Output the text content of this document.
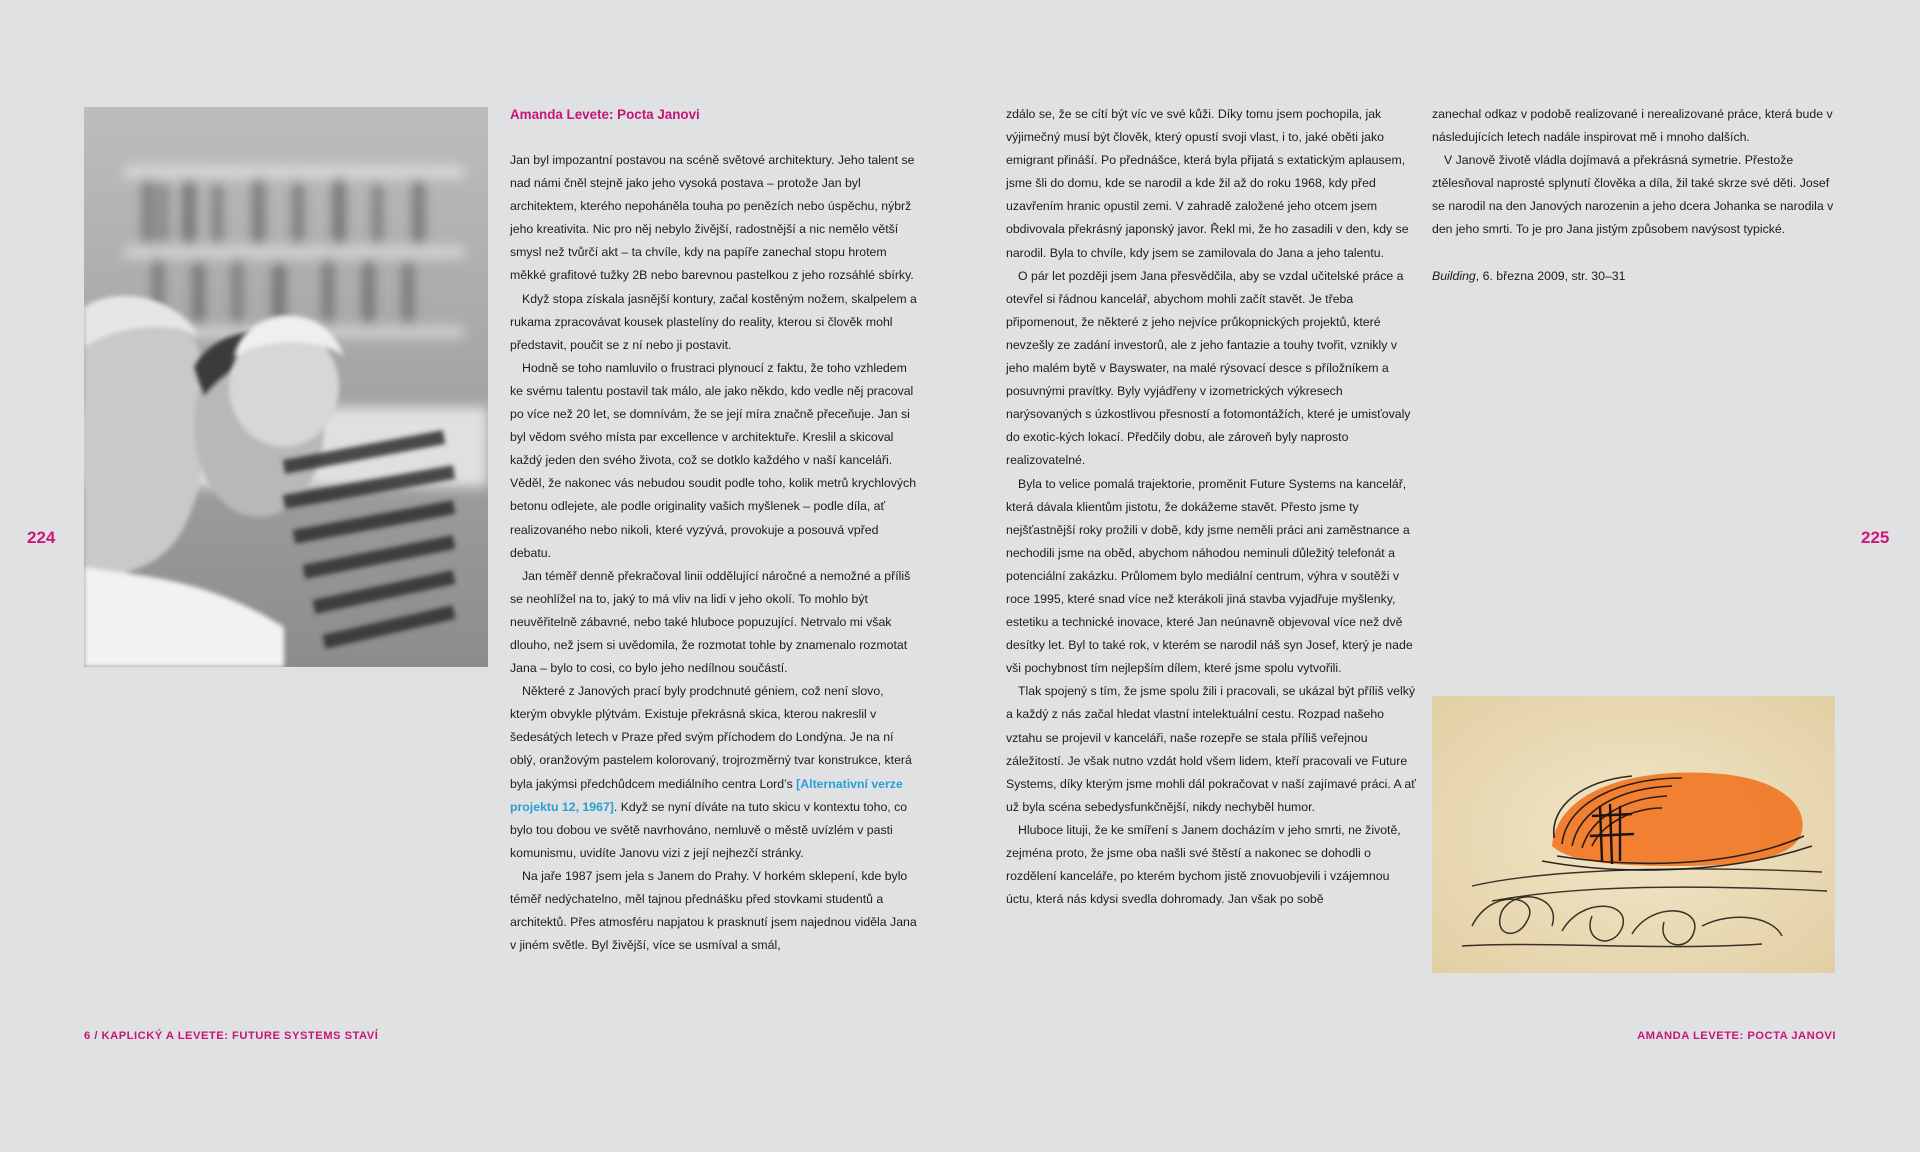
224	225
Amanda Levete: Pocta Janovi

Jan byl impozantní postavou na scéně světové architektury. Jeho talent se nad námi čněl stejně jako jeho vysoká postava – protože Jan byl architektem, kterého nepoháněla touha po penězích nebo úspěchu, nýbrž jeho kreativita. Nic pro něj nebylo živější, radostnější a nic nemělo větší smysl než tvůrčí akt – ta chvíle, kdy na papíře zanechal stopu hrotem měkké grafitové tužky 2B nebo barevnou pastelkou z jeho rozsáhlé sbírky.

Když stopa získala jasnější kontury, začal kostěným nožem, skalpelem a rukama zpracovávat kousek plastelíny do reality, kterou si člověk mohl představit, poučit se z ní nebo ji postavit.

Hodně se toho namluvilo o frustraci plynoucí z faktu, že toho vzhledem ke svému talentu postavil tak málo, ale jako někdo, kdo vedle něj pracoval po více než 20 let, se domnívám, že se její míra značně přeceňuje. Jan si byl vědom svého místa par excellence v architektuře. Kreslil a skicoval každý jeden den svého života, což se dotklo každého v naší kanceláři. Věděl, že nakonec vás nebudou soudit podle toho, kolik metrů krychlových betonu odlejete, ale podle originality vašich myšlenek – podle díla, ať realizovaného nebo nikoli, které vyzývá, provokuje a posouvá vpřed debatu.

Jan téměř denně překračoval linii oddělující náročné a nemožné a příliš se neohlížel na to, jaký to má vliv na lidi v jeho okolí. To mohlo být neuvěřitelně zábavné, nebo také hluboce popuzující. Netrvalo mi však dlouho, než jsem si uvědomila, že rozmotat tohle by znamenalo rozmotat Jana – bylo to cosi, co bylo jeho nedílnou součástí.

Některé z Janových prací byly prodchnuté géniem, což není slovo, kterým obvykle plýtvám. Existuje překrásná skica, kterou nakreslil v šedesátých letech v Praze před svým příchodem do Londýna. Je na ní oblý, oranžovým pastelem kolorovaný, trojrozměrný tvar konstrukce, která byla jakýmsi předchůdcem mediálního centra Lord’s [Alternativní verze projektu 12, 1967]. Když se nyní díváte na tuto skicu v kontextu toho, co bylo tou dobou ve světě navrhováno, nemluvě o městě uvízlém v pasti komunismu, uvidíte Janovu vizi z její nejhezčí stránky.

Na jaře 1987 jsem jela s Janem do Prahy. V horkém sklepení, kde bylo téměř nedýchatelno, měl tajnou přednášku před stovkami studentů a architektů. Přes atmosféru napjatou k prasknutí jsem najednou viděla Jana v jiném světle. Byl živější, více se usmíval a smál,

zdálo se, že se cítí být víc ve své kůži. Díky tomu jsem pochopila, jak výjimečný musí být člověk, který opustí svoji vlast, i to, jaké oběti jako emigrant přináší. Po přednášce, která byla přijatá s extatickým aplausem, jsme šli do domu, kde se narodil a kde žil až do roku 1968, kdy před uzavřením hranic opustil zemi. V zahradě založené jeho otcem jsem obdivovala překrásný japonský javor. Řekl mi, že ho zasadili v den, kdy se narodil. Byla to chvíle, kdy jsem se zamilovala do Jana a jeho talentu.

O pár let později jsem Jana přesvědčila, aby se vzdal učitelské práce a otevřel si řádnou kancelář, abychom mohli začít stavět. Je třeba připomenout, že některé z jeho nejvíce průkopnických projektů, které nevzešly ze zadání investorů, ale z jeho fantazie a touhy tvořit, vznikly v jeho malém bytě v Bayswater, na malé rýsovací desce s příložníkem a posuvnými pravítky. Byly vyjádřeny v izometrických výkresech narýsovaných s úzkostlivou přesností a fotomontážích, které je umisťovaly do exotic-kých lokací. Předčily dobu, ale zároveň byly naprosto realizovatelné.

Byla to velice pomalá trajektorie, proměnit Future Systems na kancelář, která dávala klientům jistotu, že dokážeme stavět. Přesto jsme ty nejšťastnější roky prožili v době, kdy jsme neměli práci ani zaměstnance a nechodili jsme na oběd, abychom náhodou neminuli důležitý telefonát a potenciální zakázku. Průlomem bylo mediální centrum, výhra v soutěži v roce 1995, které snad více než kterákoli jiná stavba vyjadřuje myšlenky, estetiku a technické inovace, které Jan neúnavně objevoval více než dvě desítky let. Byl to také rok, v kterém se narodil náš syn Josef, který je nade vši pochybnost tím nejlepším dílem, které jsme spolu vytvořili.

Tlak spojený s tím, že jsme spolu žili i pracovali, se ukázal být příliš velký a každý z nás začal hledat vlastní intelektuální cestu. Rozpad našeho vztahu se projevil v kanceláři, naše rozepře se stala příliš veřejnou záležitostí. Je však nutno vzdát hold všem lidem, kteří pracovali ve Future Systems, díky kterým jsme mohli dál pokračovat v naší zajímavé práci. A ať už byla scéna sebedysfunkčnější, nikdy nechyběl humor.

Hluboce lituji, že ke smíření s Janem docházím v jeho smrti, ne životě, zejména proto, že jsme oba našli své štěstí a nakonec se dohodli o rozdělení kanceláře, po kterém bychom jistě znovuobjevili i vzájemnou úctu, která nás kdysi svedla dohromady. Jan však po sobě

zanechal odkaz v podobě realizované i nerealizované práce, která bude v následujících letech nadále inspirovat mě i mnoho dalších.

V Janově životě vládla dojímavá a překrásná symetrie. Přestože ztělesňoval naprosté splynutí člověka a díla, žil také skrze své děti. Josef se narodil na den Janových narozenin a jeho dcera Johanka se narodila v den jeho smrti. To je pro Jana jistým způsobem navýsost typické.

Building, 6. března 2009, str. 30–31

6 / KAPLICKÝ A LEVETE: FUTURE SYSTEMS STAVÍ	AMANDA LEVETE: POCTA JANOVI
